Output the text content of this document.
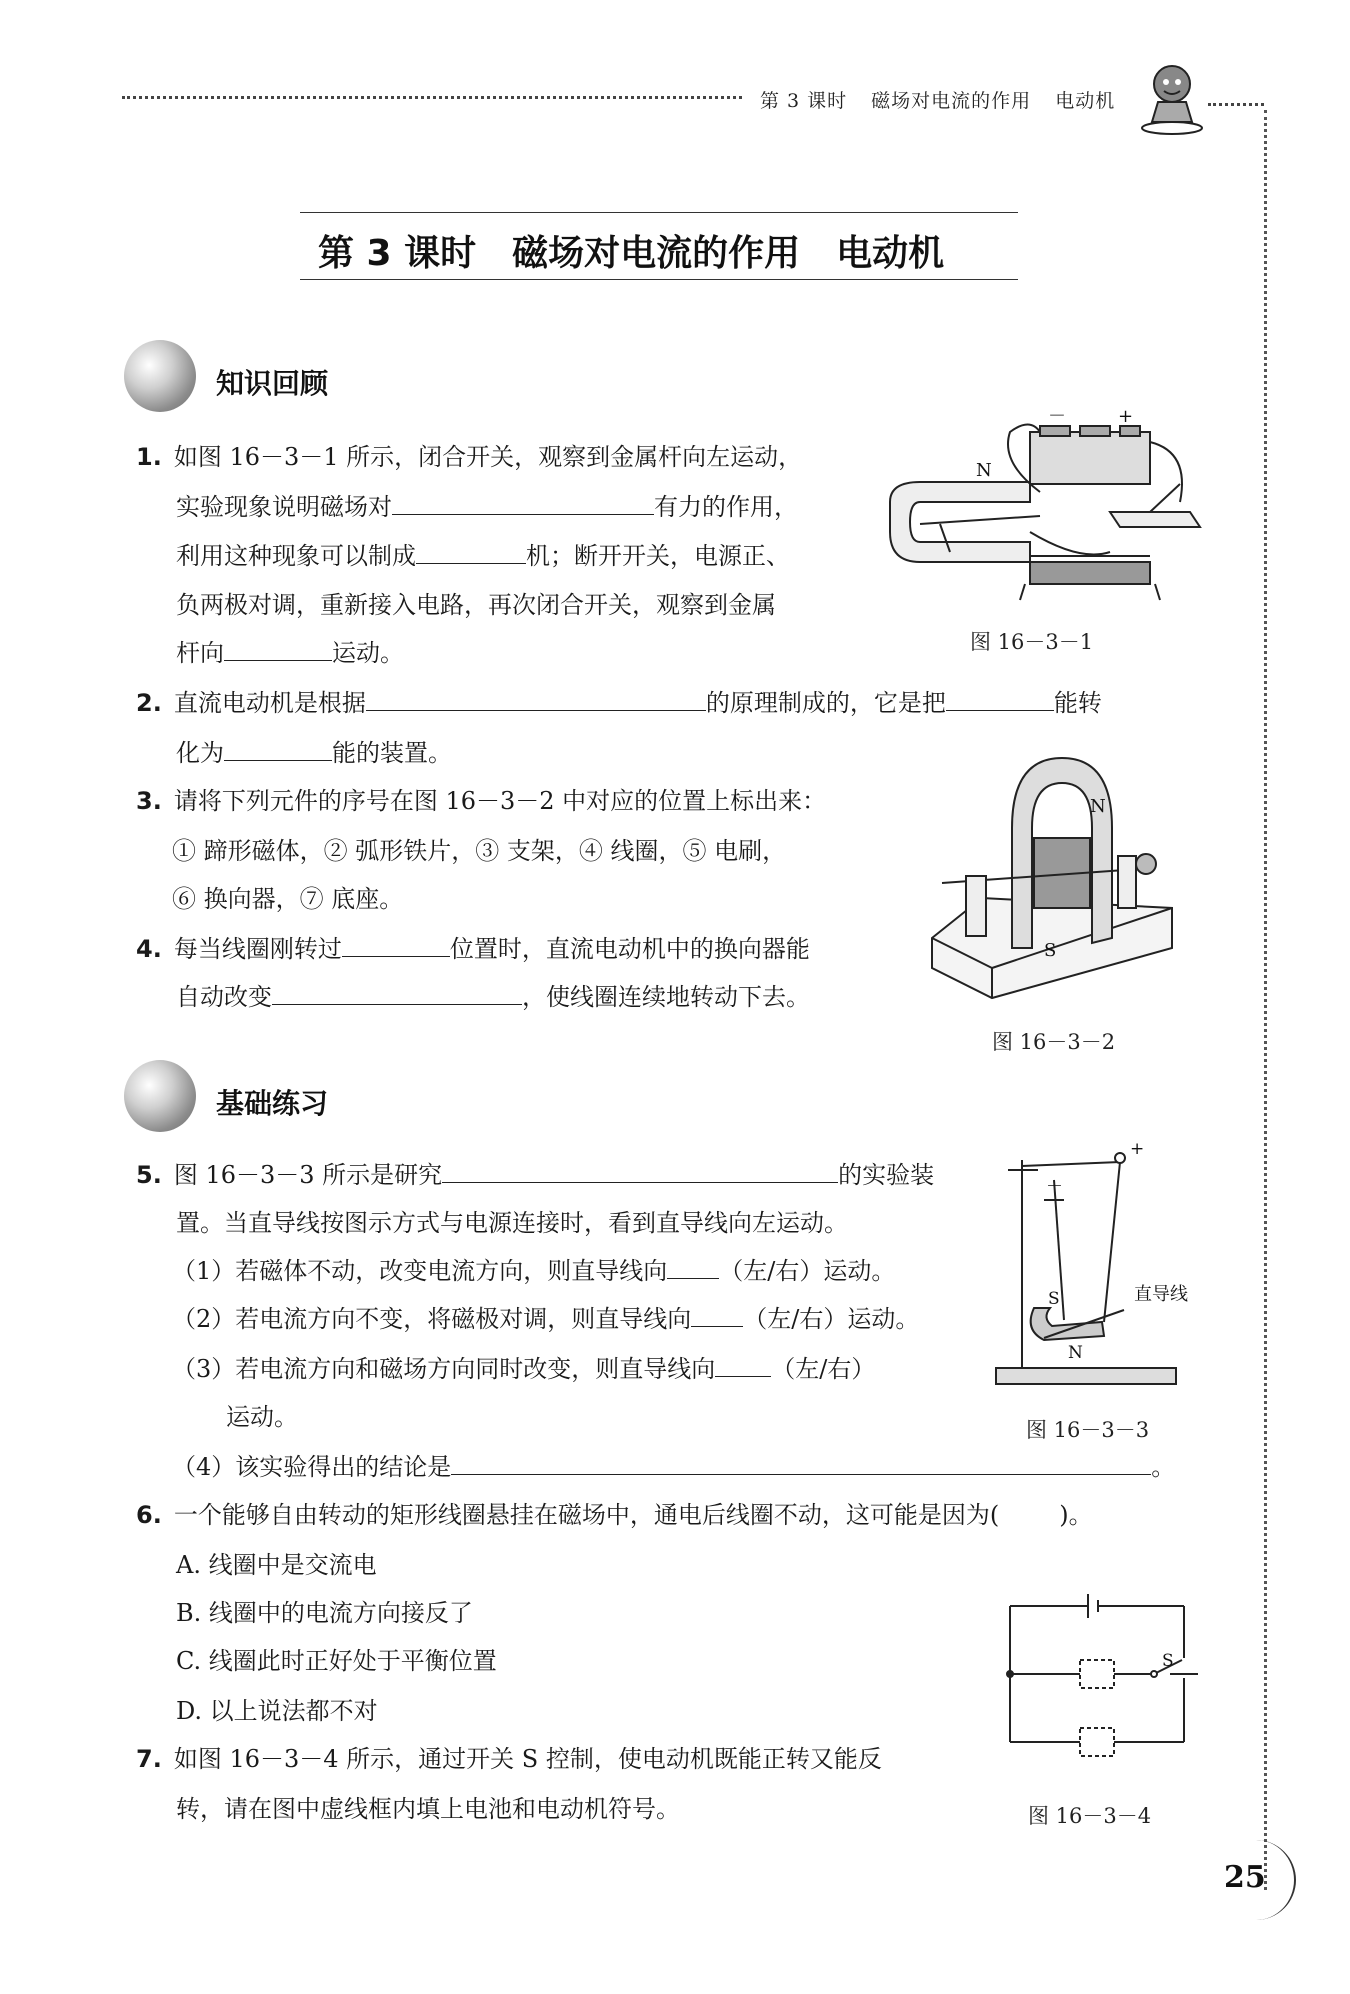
第 3 课时 磁场对电流的作用 电动机
第 3 课时　磁场对电流的作用　电动机
知识回顾
1. 如图 16－3－1 所示，闭合开关，观察到金属杆向左运动，
实验现象说明磁场对	有力的作用，
利用这种现象可以制成	机；断开开关，电源正、
负两极对调，重新接入电路，再次闭合开关，观察到金属
杆向	运动。
N
－	+
图 16－3－1
2. 直流电动机是根据	的原理制成的，它是把	能转
化为	能的装置。
3. 请将下列元件的序号在图 16－3－2 中对应的位置上标出来：
① 蹄形磁体，② 弧形铁片，③ 支架，④ 线圈，⑤ 电刷，
⑥ 换向器，⑦ 底座。
N
S
4. 每当线圈刚转过	位置时，直流电动机中的换向器能
自动改变	，使线圈连续地转动下去。
图 16－3－2
基础练习
5. 图 16－3－3 所示是研究	的实验装
置。当直导线按图示方式与电源连接时，看到直导线向左运动。
（1）若磁体不动，改变电流方向，则直导线向 （左/右）运动。
（2）若电流方向不变，将磁极对调，则直导线向 （左/右）运动。
（3）若电流方向和磁场方向同时改变，则直导线向 （左/右）
运动。
（4）该实验得出的结论是	。
S
N
直导线
－
+
图 16－3－3
6. 一个能够自由转动的矩形线圈悬挂在磁场中，通电后线圈不动，这可能是因为(	)。
A. 线圈中是交流电
B. 线圈中的电流方向接反了
C. 线圈此时正好处于平衡位置
D. 以上说法都不对
S
7. 如图 16－3－4 所示，通过开关 S 控制，使电动机既能正转又能反
转，请在图中虚线框内填上电池和电动机符号。	图 16－3－4
25
